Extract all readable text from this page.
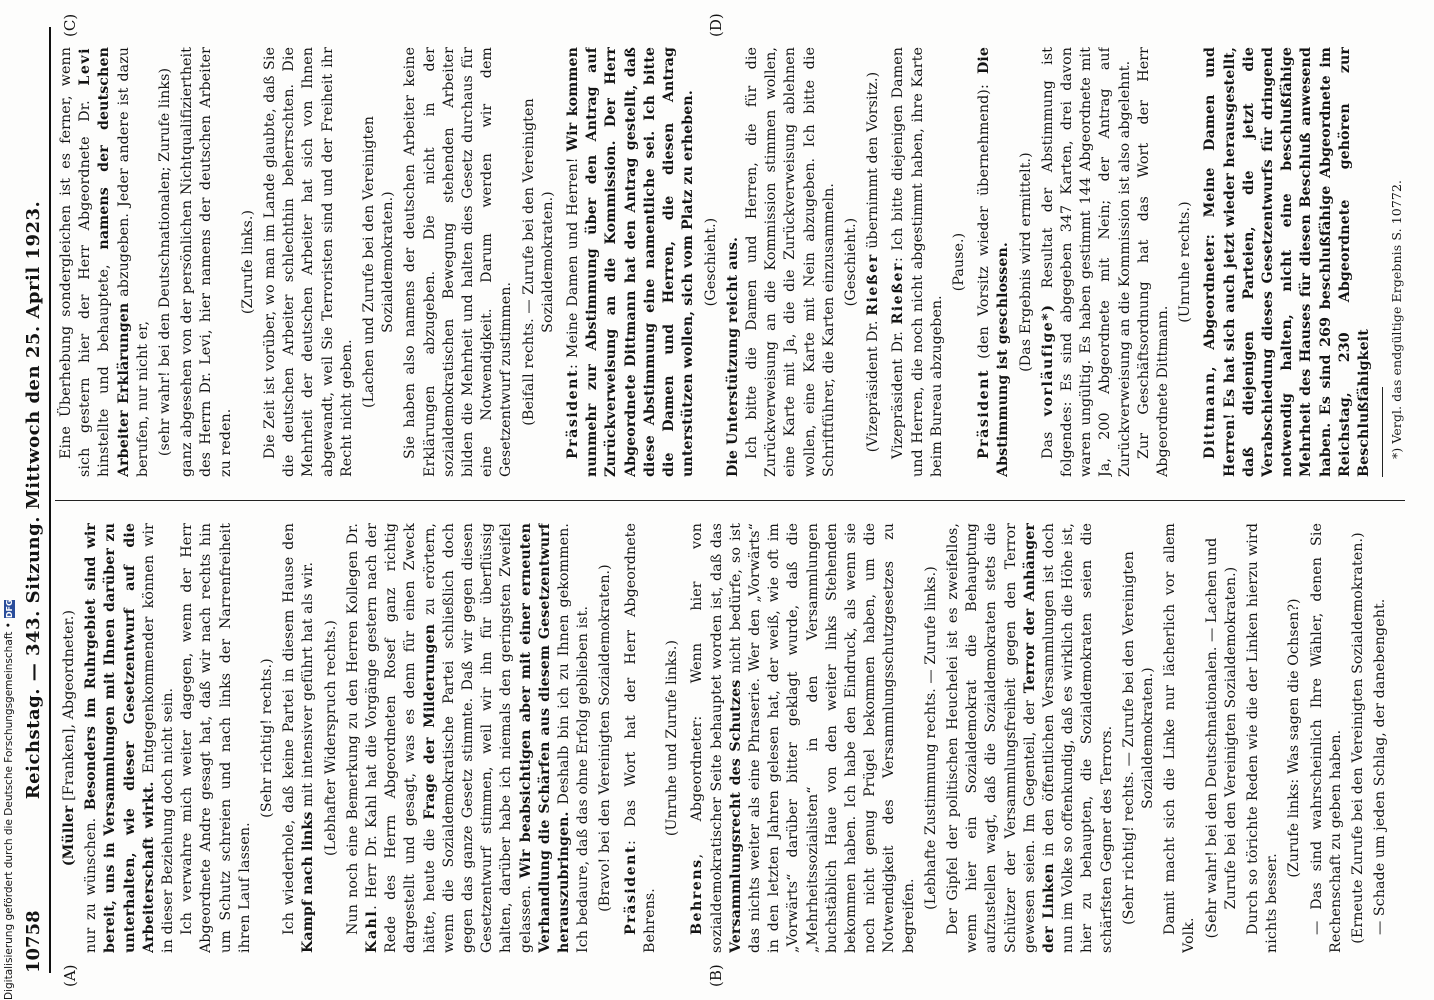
10758
Reichstag. — 343. Sitzung. Mittwoch den 25. April 1923.
(A)	(B)
(C)	(D)

(Müller [Franken], Abgeordneter.)

nur zu wünschen. Besonders im Ruhrgebiet sind wir bereit, uns in Versammlungen mit Ihnen darüber zu unterhalten, wie dieser Gesetzentwurf auf die Arbeiterschaft wirkt. Entgegenkommender können wir in dieser Beziehung doch nicht sein. Ich verwahre mich weiter dagegen, wenn der Herr Abgeordnete Andre gesagt hat, daß wir nach rechts hin um Schutz schreien und nach links der Narrenfreiheit ihren Lauf lassen.

(Sehr richtig! rechts.) Ich wiederhole, daß keine Partei in diesem Hause den Kampf nach links mit intensiver geführt hat als wir. (Lebhafter Widerspruch rechts.) Nun noch eine Bemerkung zu den Herren Kollegen Dr. Kahl. Herr Dr. Kahl hat die Vorgänge gestern nach der Rede des Herrn Abgeordneten Rosef ganz richtig dargestellt und gesagt, was es denn für einen Zweck hätte, heute die Frage der Milderungen zu erörtern, wenn die Sozialdemokratische Partei schließlich doch gegen das ganze Gesetz stimmte. Daß wir gegen diesen Gesetzentwurf stimmen, weil wir ihn für überflüssig halten, darüber habe ich niemals den geringsten Zweifel gelassen. Wir beabsichtigen aber mit einer erneuten Verhandlung die Schärfen aus diesem Gesetzentwurf herauszubringen. Deshalb bin ich zu Ihnen gekommen. Ich bedaure, daß das ohne Erfolg geblieben ist. (Bravo! bei den Vereinigten Sozialdemokraten.) Präsident: Das Wort hat der Herr Abgeordnete Behrens.

(Unruhe und Zurufe links.)

Behrens, Abgeordneter: Wenn hier von sozialdemokratischer Seite behauptet worden ist, daß das Versammlungsrecht des Schutzes nicht bedürfe, so ist das nichts weiter als eine Phraserie. Wer den „Vorwärts“ in den letzten Jahren gelesen hat, der weiß, wie oft im „Vorwärts“ darüber bitter geklagt wurde, daß die „Mehrheitssozialisten“ in den Versammlungen buchstäblich Haue von den weiter links Stehenden bekommen haben. Ich habe den Eindruck, als wenn sie noch nicht genug Prügel bekommen haben, um die Notwendigkeit des Versammlungsschutzgesetzes zu begreifen.

(Lebhafte Zustimmung rechts. — Zurufe links.) Der Gipfel der politischen Heuchelei ist es zweifellos, wenn hier ein Sozialdemokrat die Behauptung aufzustellen wagt, daß die Sozialdemokraten stets die Schützer der Versammlungsfreiheit gegen den Terror gewesen seien. Im Gegenteil, der Terror der Anhänger der Linken in den öffentlichen Versammlungen ist doch nun im Volke so offenkundig, daß es wirklich die Höhe ist, hier zu behaupten, die Sozialdemokraten seien die schärfsten Gegner des Terrors. (Sehr richtig! rechts. — Zurufe bei den Vereinigten Sozialdemokraten.) Damit macht sich die Linke nur lächerlich vor allem Volk. (Sehr wahr! bei den Deutschnationalen. — Lachen und Zurufe bei den Vereinigten Sozialdemokraten.) Durch so törichte Reden wie die der Linken hierzu wird nichts besser.

(Zurufe links: Was sagen die Ochsen?) — Das sind wahrscheinlich Ihre Wähler, denen Sie Rechenschaft zu geben haben. (Erneute Zurufe bei den Vereinigten Sozialdemokraten.) — Schade um jeden Schlag, der danebengeht.

Eine Überhebung sondergleichen ist es ferner, wenn sich gestern hier der Herr Abgeordnete Dr. Levi hinstellte und behauptete, namens der deutschen Arbeiter Erklärungen abzugeben. Jeder andere ist dazu berufen, nur nicht er, (sehr wahr! bei den Deutschnationalen; Zurufe links) ganz abgesehen von der persönlichen Nichtqualifiziertheit des Herrn Dr. Levi, hier namens der deutschen Arbeiter zu reden.

(Zurufe links.) Die Zeit ist vorüber, wo man im Lande glaubte, daß Sie die deutschen Arbeiter schlechthin beherrschten. Die Mehrheit der deutschen Arbeiter hat sich von Ihnen abgewandt, weil Sie Terroristen sind und der Freiheit ihr Recht nicht geben.

(Lachen und Zurufe bei den Vereinigten Sozialdemokraten.) Sie haben also namens der deutschen Arbeiter keine Erklärungen abzugeben. Die nicht in der sozialdemokratischen Bewegung stehenden Arbeiter bilden die Mehrheit und halten dies Gesetz durchaus für eine Notwendigkeit. Darum werden wir dem Gesetzentwurf zustimmen. (Beifall rechts. — Zurufe bei den Vereinigten Sozialdemokraten.)

Präsident: Meine Damen und Herren! Wir kommen nunmehr zur Abstimmung über den Antrag auf Zurückverweisung an die Kommission. Der Herr Abgeordnete Dittmann hat den Antrag gestellt, daß diese Abstimmung eine namentliche sei. Ich bitte die Damen und Herren, die diesen Antrag unterstützen wollen, sich vom Platz zu erheben. (Geschieht.) Die Unterstützung reicht aus. Ich bitte die Damen und Herren, die für die Zurückverweisung an die Kommission stimmen wollen, eine Karte mit Ja, die die Zurückverweisung ablehnen wollen, eine Karte mit Nein abzugeben. Ich bitte die Schriftführer, die Karten einzusammeln. (Geschieht.)

(Vizepräsident Dr. Rießer übernimmt den Vorsitz.)

Vizepräsident Dr. Rießer: Ich bitte diejenigen Damen und Herren, die noch nicht abgestimmt haben, ihre Karte beim Bureau abzugeben.

(Pause.)

Präsident (den Vorsitz wieder übernehmend): Die Abstimmung ist geschlossen. (Das Ergebnis wird ermittelt.)

Das vorläufige*) Resultat der Abstimmung ist folgendes: Es sind abgegeben 347 Karten, drei davon waren ungültig. Es haben gestimmt 144 Abgeordnete mit Ja, 200 Abgeordnete mit Nein; der Antrag auf Zurückverweisung an die Kommission ist also abgelehnt. Zur Geschäftsordnung hat das Wort der Herr Abgeordnete Dittmann.

(Unruhe rechts.)

Dittmann, Abgeordneter: Meine Damen und Herren! Es hat sich auch jetzt wieder herausgestellt, daß diejenigen Parteien, die jetzt die Verabschiedung dieses Gesetzentwurfs für dringend notwendig halten, nicht eine beschlußfähige Mehrheit des Hauses für diesen Beschluß anwesend haben. Es sind 269 beschlußfähige Abgeordnete im Reichstag, 230 Abgeordnete gehören zur Beschlußfähigkeit *) Vergl. das endgültige Ergebnis S. 10772.

Digitalisierung gefördert durch die Deutsche Forschungsgemeinschaft •DFG
